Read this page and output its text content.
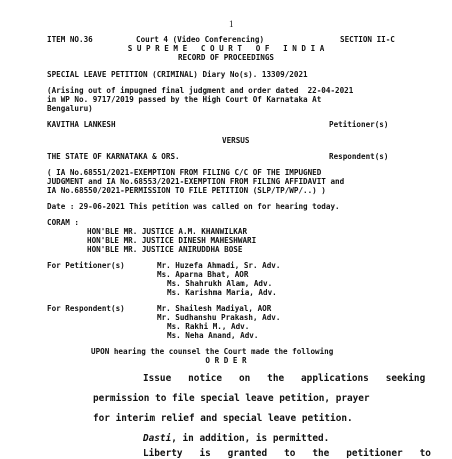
1
ITEM NO.36	Court 4 (Video Conferencing)	SECTION II-C
S U P R E M E   C O U R T   O F   I N D I A
RECORD OF PROCEEDINGS
SPECIAL LEAVE PETITION (CRIMINAL) Diary No(s). 13309/2021
(Arising out of impugned final judgment and order dated  22-04-2021
in WP No. 9717/2019 passed by the High Court Of Karnataka At
Bengaluru)
KAVITHA LANKESH	Petitioner(s)
VERSUS
THE STATE OF KARNATAKA & ORS.	Respondent(s)
( IA No.68551/2021-EXEMPTION FROM FILING C/C OF THE IMPUGNED
JUDGMENT and IA No.68553/2021-EXEMPTION FROM FILING AFFIDAVIT and
IA No.68550/2021-PERMISSION TO FILE PETITION (SLP/TP/WP/..) )
Date : 29-06-2021 This petition was called on for hearing today.
CORAM :
HON'BLE MR. JUSTICE A.M. KHANWILKAR
HON'BLE MR. JUSTICE DINESH MAHESHWARI
HON'BLE MR. JUSTICE ANIRUDDHA BOSE
For Petitioner(s)	Mr. Huzefa Ahmadi, Sr. Adv.
Ms. Aparna Bhat, AOR
Ms. Shahrukh Alam, Adv.
Ms. Karishma Maria, Adv.
For Respondent(s)	Mr. Shailesh Madiyal, AOR
Mr. Sudhanshu Prakash, Adv.
Ms. Rakhi M., Adv.
Ms. Neha Anand, Adv.
UPON hearing the counsel the Court made the following
O R D E R
Issue   notice   on   the   applications   seeking
permission to file special leave petition, prayer
for interim relief and special leave petition.
Dasti, in addition, is permitted.
Liberty   is   granted   to   the   petitioner   to
